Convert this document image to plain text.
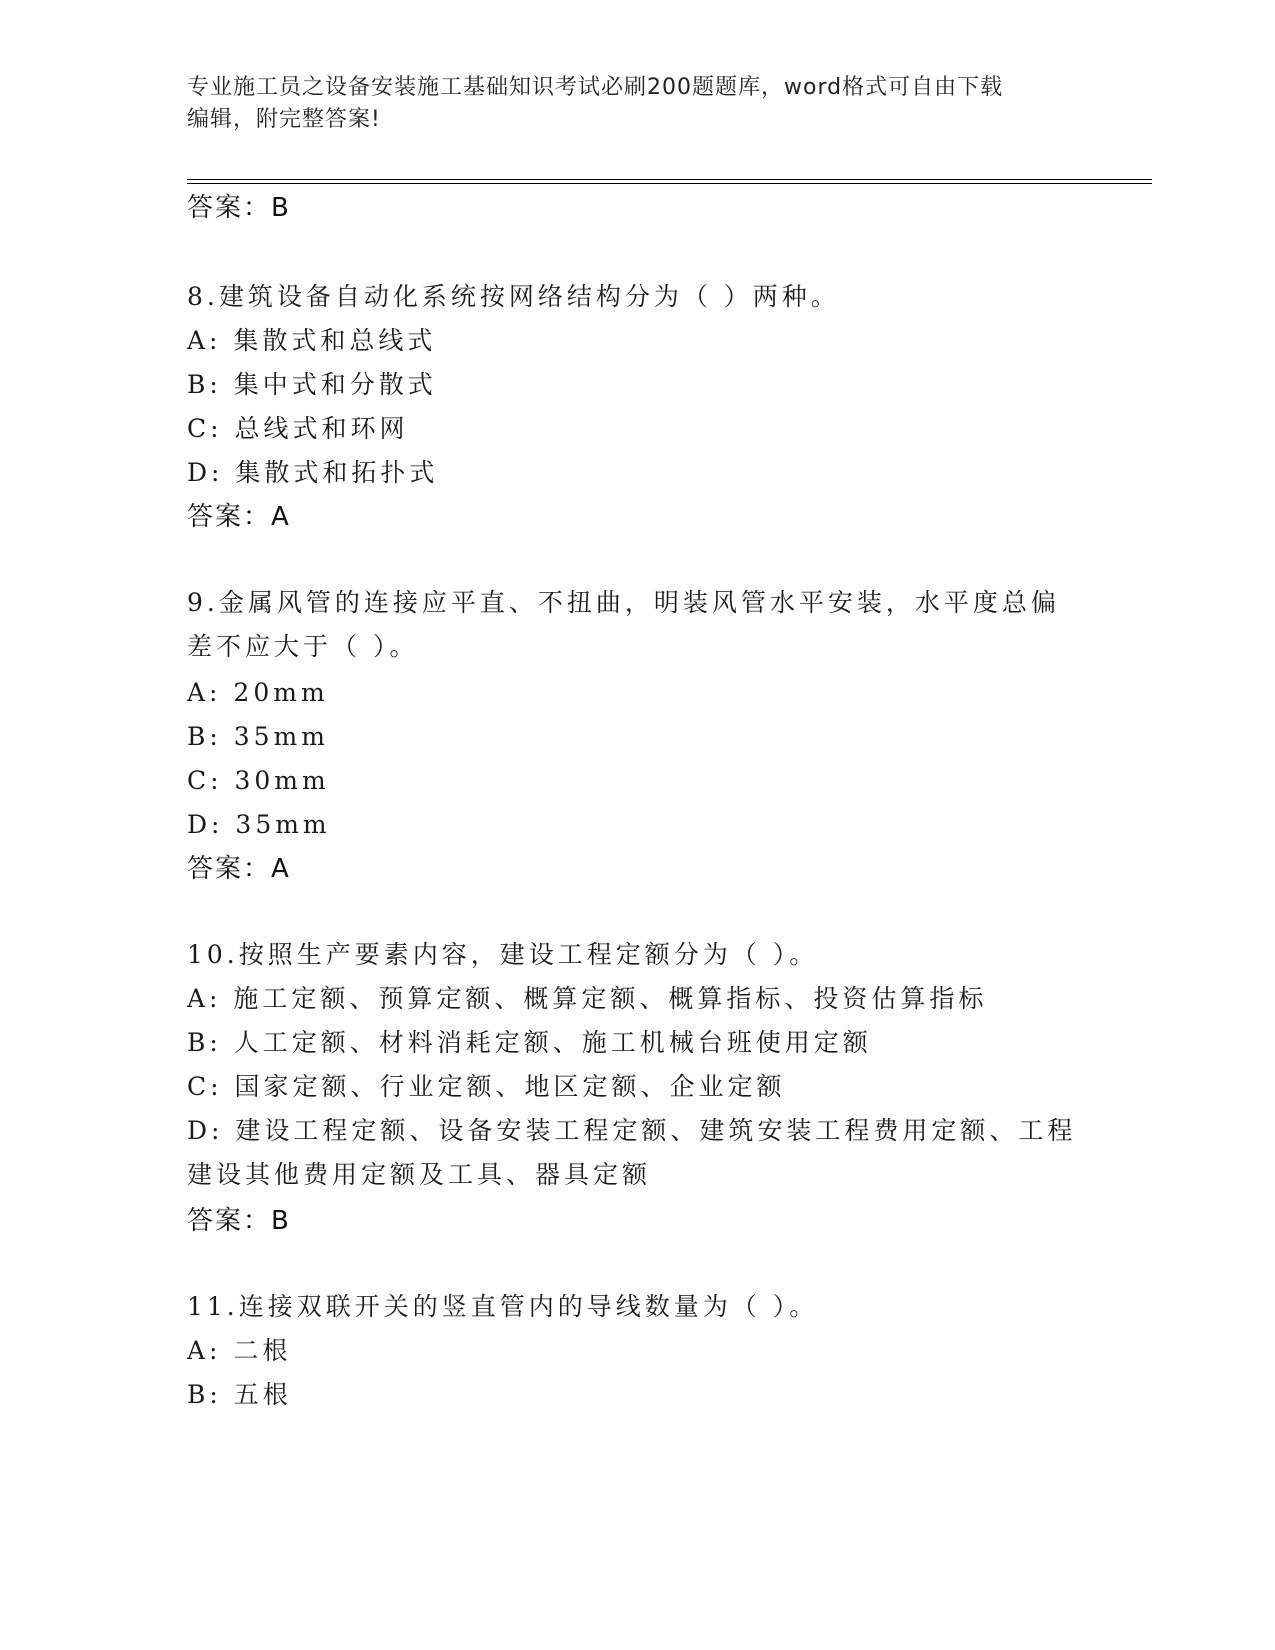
专业施工员之设备安装施工基础知识考试必刷200题题库，word格式可自由下载
编辑，附完整答案!
答案：B
8.建筑设备自动化系统按网络结构分为（ ）两种。
A: 集散式和总线式
B: 集中式和分散式
C: 总线式和环网
D: 集散式和拓扑式
答案：A
9.金属风管的连接应平直、不扭曲，明装风管水平安装，水平度总偏
差不应大于（ ）。
A: 20mm
B: 35mm
C: 30mm
D: 35mm
答案：A
10.按照生产要素内容，建设工程定额分为（ ）。
A: 施工定额、预算定额、概算定额、概算指标、投资估算指标
B: 人工定额、材料消耗定额、施工机械台班使用定额
C: 国家定额、行业定额、地区定额、企业定额
D: 建设工程定额、设备安装工程定额、建筑安装工程费用定额、工程
建设其他费用定额及工具、器具定额
答案：B
11.连接双联开关的竖直管内的导线数量为（ ）。
A: 二根
B: 五根
